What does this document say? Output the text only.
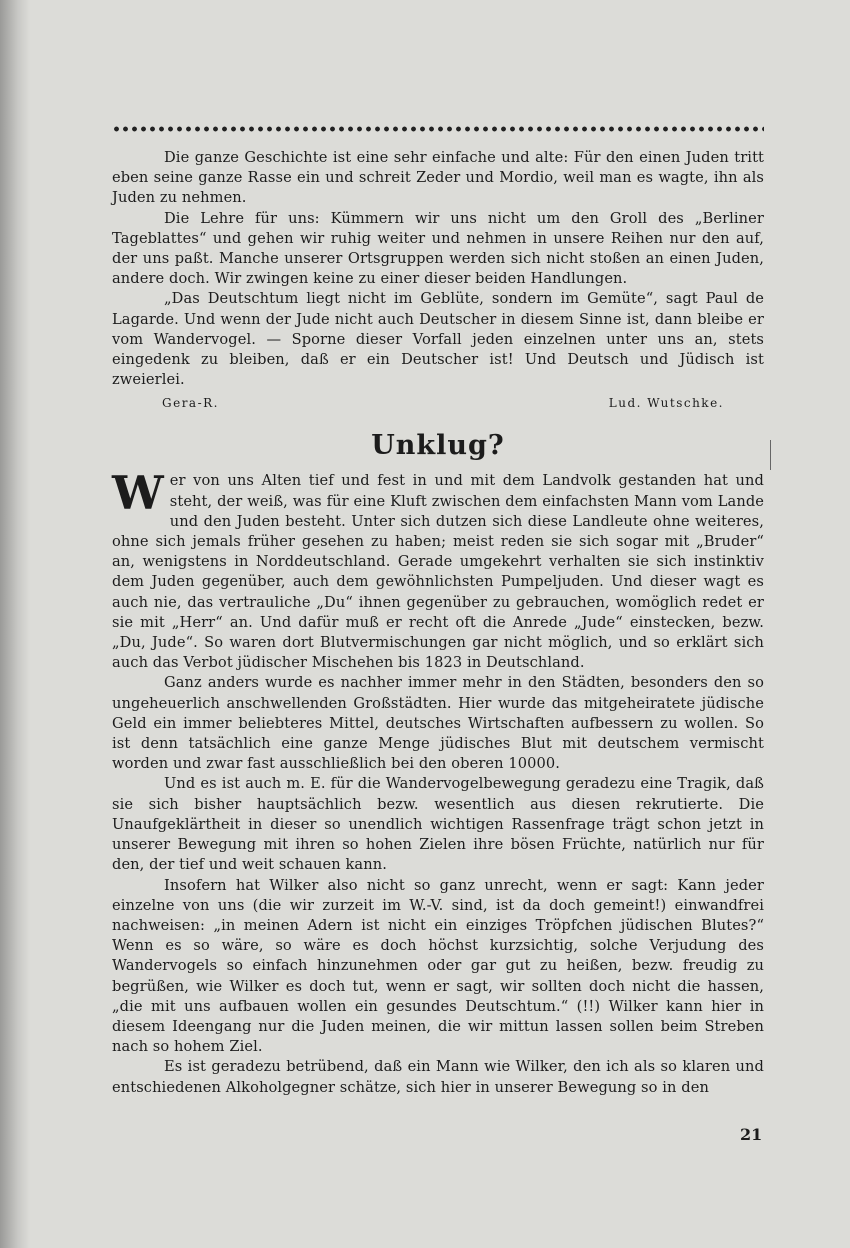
Die ganze Geschichte ist eine sehr einfache und alte: Für den einen Juden tritt eben seine ganze Rasse ein und schreit Zeder und Mordio, weil man es wagte, ihn als Juden zu nehmen.

Die Lehre für uns: Kümmern wir uns nicht um den Groll des „Berliner Tageblattes“ und gehen wir ruhig weiter und nehmen in unsere Reihen nur den auf, der uns paßt. Manche unserer Ortsgruppen werden sich nicht stoßen an einen Juden, andere doch. Wir zwingen keine zu einer dieser beiden Handlungen.

„Das Deutschtum liegt nicht im Geblüte, sondern im Gemüte“, sagt Paul de Lagarde. Und wenn der Jude nicht auch Deutscher in diesem Sinne ist, dann bleibe er vom Wandervogel. — Sporne dieser Vorfall jeden einzelnen unter uns an, stets eingedenk zu bleiben, daß er ein Deutscher ist! Und Deutsch und Jüdisch ist zweierlei.

Gera-R.	Lud. Wutschke.
Unklug?

Wer von uns Alten tief und fest in und mit dem Landvolk gestanden hat und steht, der weiß, was für eine Kluft zwischen dem einfachsten Mann vom Lande und den Juden besteht. Unter sich dutzen sich diese Landleute ohne weiteres, ohne sich jemals früher gesehen zu haben; meist reden sie sich sogar mit „Bruder“ an, wenigstens in Norddeutschland. Gerade umgekehrt verhalten sie sich instinktiv dem Juden gegenüber, auch dem gewöhnlichsten Pumpeljuden. Und dieser wagt es auch nie, das vertrauliche „Du“ ihnen gegenüber zu gebrauchen, womöglich redet er sie mit „Herr“ an. Und dafür muß er recht oft die Anrede „Jude“ einstecken, bezw. „Du, Jude“. So waren dort Blutvermischungen gar nicht möglich, und so erklärt sich auch das Verbot jüdischer Mischehen bis 1823 in Deutschland.

Ganz anders wurde es nachher immer mehr in den Städten, besonders den so ungeheuerlich anschwellenden Großstädten. Hier wurde das mitgeheiratete jüdische Geld ein immer beliebteres Mittel, deutsches Wirtschaften aufbessern zu wollen. So ist denn tatsächlich eine ganze Menge jüdisches Blut mit deutschem vermischt worden und zwar fast ausschließlich bei den oberen 10000.

Und es ist auch m. E. für die Wandervogelbewegung geradezu eine Tragik, daß sie sich bisher hauptsächlich bezw. wesentlich aus diesen rekrutierte. Die Unaufgeklärtheit in dieser so unendlich wichtigen Rassenfrage trägt schon jetzt in unserer Bewegung mit ihren so hohen Zielen ihre bösen Früchte, natürlich nur für den, der tief und weit schauen kann.

Insofern hat Wilker also nicht so ganz unrecht, wenn er sagt: Kann jeder einzelne von uns (die wir zurzeit im W.-V. sind, ist da doch gemeint!) einwandfrei nachweisen: „in meinen Adern ist nicht ein einziges Tröpfchen jüdischen Blutes?“ Wenn es so wäre, so wäre es doch höchst kurzsichtig, solche Verjudung des Wandervogels so einfach hinzunehmen oder gar gut zu heißen, bezw. freudig zu begrüßen, wie Wilker es doch tut, wenn er sagt, wir sollten doch nicht die hassen, „die mit uns aufbauen wollen ein gesundes Deutschtum.“ (!!) Wilker kann hier in diesem Ideengang nur die Juden meinen, die wir mittun lassen sollen beim Streben nach so hohem Ziel.

Es ist geradezu betrübend, daß ein Mann wie Wilker, den ich als so klaren und entschiedenen Alkoholgegner schätze, sich hier in unserer Bewegung so in den

21
